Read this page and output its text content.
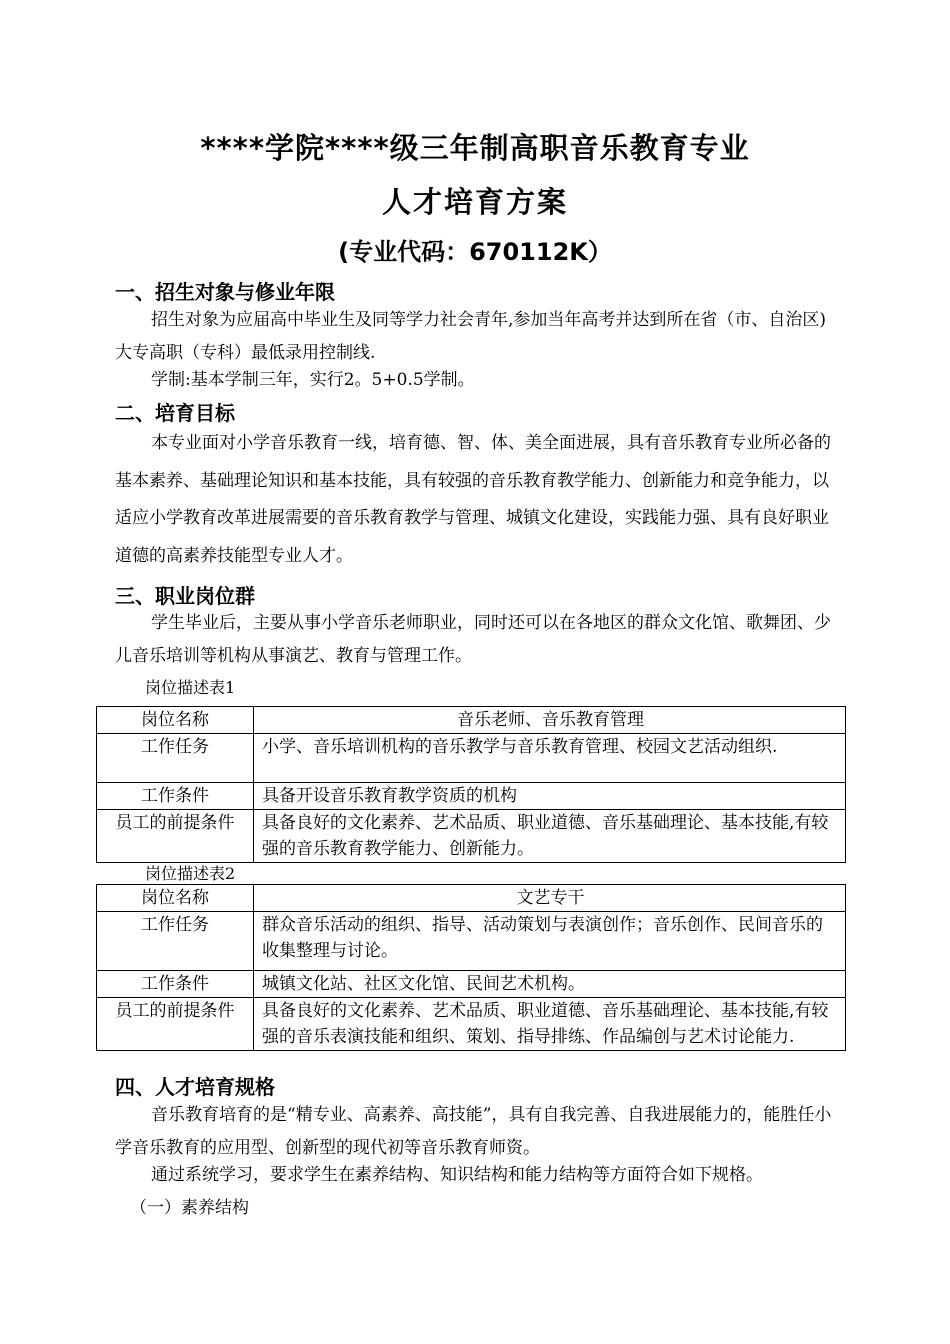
****学院****级三年制高职音乐教育专业
人才培育方案
(专业代码：670112K）
一、招生对象与修业年限
招生对象为应届高中毕业生及同等学力社会青年,参加当年高考并达到所在省（市、自治区)大专高职（专科）最低录用控制线.
学制:基本学制三年，实行2。5+0.5学制。
二、培育目标
本专业面对小学音乐教育一线，培育德、智、体、美全面进展，具有音乐教育专业所必备的基本素养、基础理论知识和基本技能，具有较强的音乐教育教学能力、创新能力和竞争能力，以适应小学教育改革进展需要的音乐教育教学与管理、城镇文化建设，实践能力强、具有良好职业道德的高素养技能型专业人才。
三、职业岗位群
学生毕业后，主要从事小学音乐老师职业，同时还可以在各地区的群众文化馆、歌舞团、少儿音乐培训等机构从事演艺、教育与管理工作。
岗位描述表1
岗位名称	音乐老师、音乐教育管理
工作任务	小学、音乐培训机构的音乐教学与音乐教育管理、校园文艺活动组织.
工作条件	具备开设音乐教育教学资质的机构
员工的前提条件	具备良好的文化素养、艺术品质、职业道德、音乐基础理论、基本技能,有较强的音乐教育教学能力、创新能力。
岗位描述表2
岗位名称	文艺专干
工作任务	群众音乐活动的组织、指导、活动策划与表演创作；音乐创作、民间音乐的收集整理与讨论。
工作条件	城镇文化站、社区文化馆、民间艺术机构。
员工的前提条件	具备良好的文化素养、艺术品质、职业道德、音乐基础理论、基本技能,有较强的音乐表演技能和组织、策划、指导排练、作品编创与艺术讨论能力.
四、人才培育规格
音乐教育培育的是“精专业、高素养、高技能”，具有自我完善、自我进展能力的，能胜任小学音乐教育的应用型、创新型的现代初等音乐教育师资。
通过系统学习，要求学生在素养结构、知识结构和能力结构等方面符合如下规格。
（一）素养结构
